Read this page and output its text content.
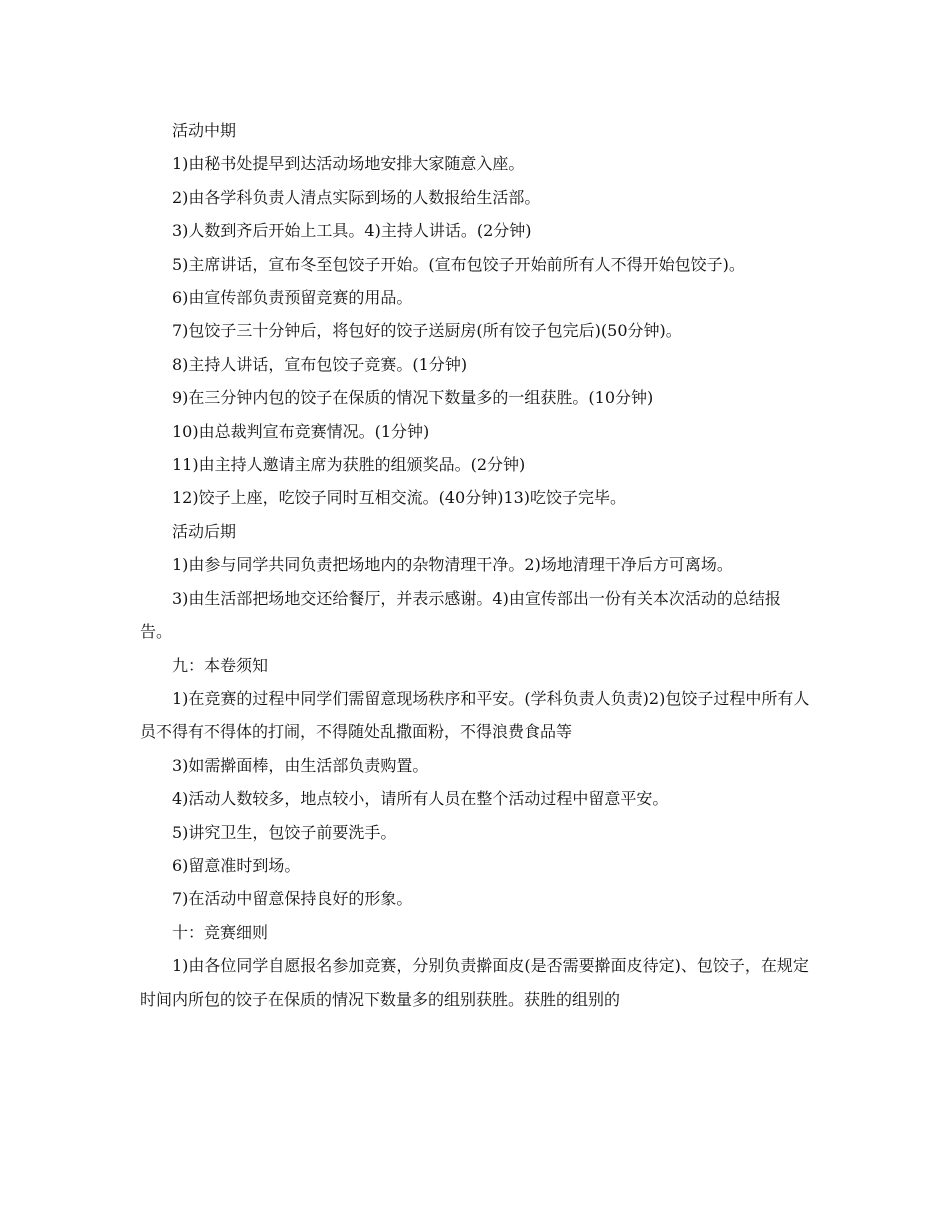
活动中期

1)由秘书处提早到达活动场地安排大家随意入座。

2)由各学科负责人清点实际到场的人数报给生活部。

3)人数到齐后开始上工具。4)主持人讲话。(2分钟)

5)主席讲话，宣布冬至包饺子开始。(宣布包饺子开始前所有人不得开始包饺子)。

6)由宣传部负责预留竞赛的用品。

7)包饺子三十分钟后，将包好的饺子送厨房(所有饺子包完后)(50分钟)。

8)主持人讲话，宣布包饺子竞赛。(1分钟)

9)在三分钟内包的饺子在保质的情况下数量多的一组获胜。(10分钟)

10)由总裁判宣布竞赛情况。(1分钟)

11)由主持人邀请主席为获胜的组颁奖品。(2分钟)

12)饺子上座，吃饺子同时互相交流。(40分钟)13)吃饺子完毕。

活动后期

1)由参与同学共同负责把场地内的杂物清理干净。2)场地清理干净后方可离场。

3)由生活部把场地交还给餐厅，并表示感谢。4)由宣传部出一份有关本次活动的总结报告。

九：本卷须知

1)在竞赛的过程中同学们需留意现场秩序和平安。(学科负责人负责)2)包饺子过程中所有人员不得有不得体的打闹，不得随处乱撒面粉，不得浪费食品等

3)如需擀面棒，由生活部负责购置。

4)活动人数较多，地点较小，请所有人员在整个活动过程中留意平安。

5)讲究卫生，包饺子前要洗手。

6)留意准时到场。

7)在活动中留意保持良好的形象。

十：竞赛细则

1)由各位同学自愿报名参加竞赛，分别负责擀面皮(是否需要擀面皮待定)、包饺子，在规定时间内所包的饺子在保质的情况下数量多的组别获胜。获胜的组别的
